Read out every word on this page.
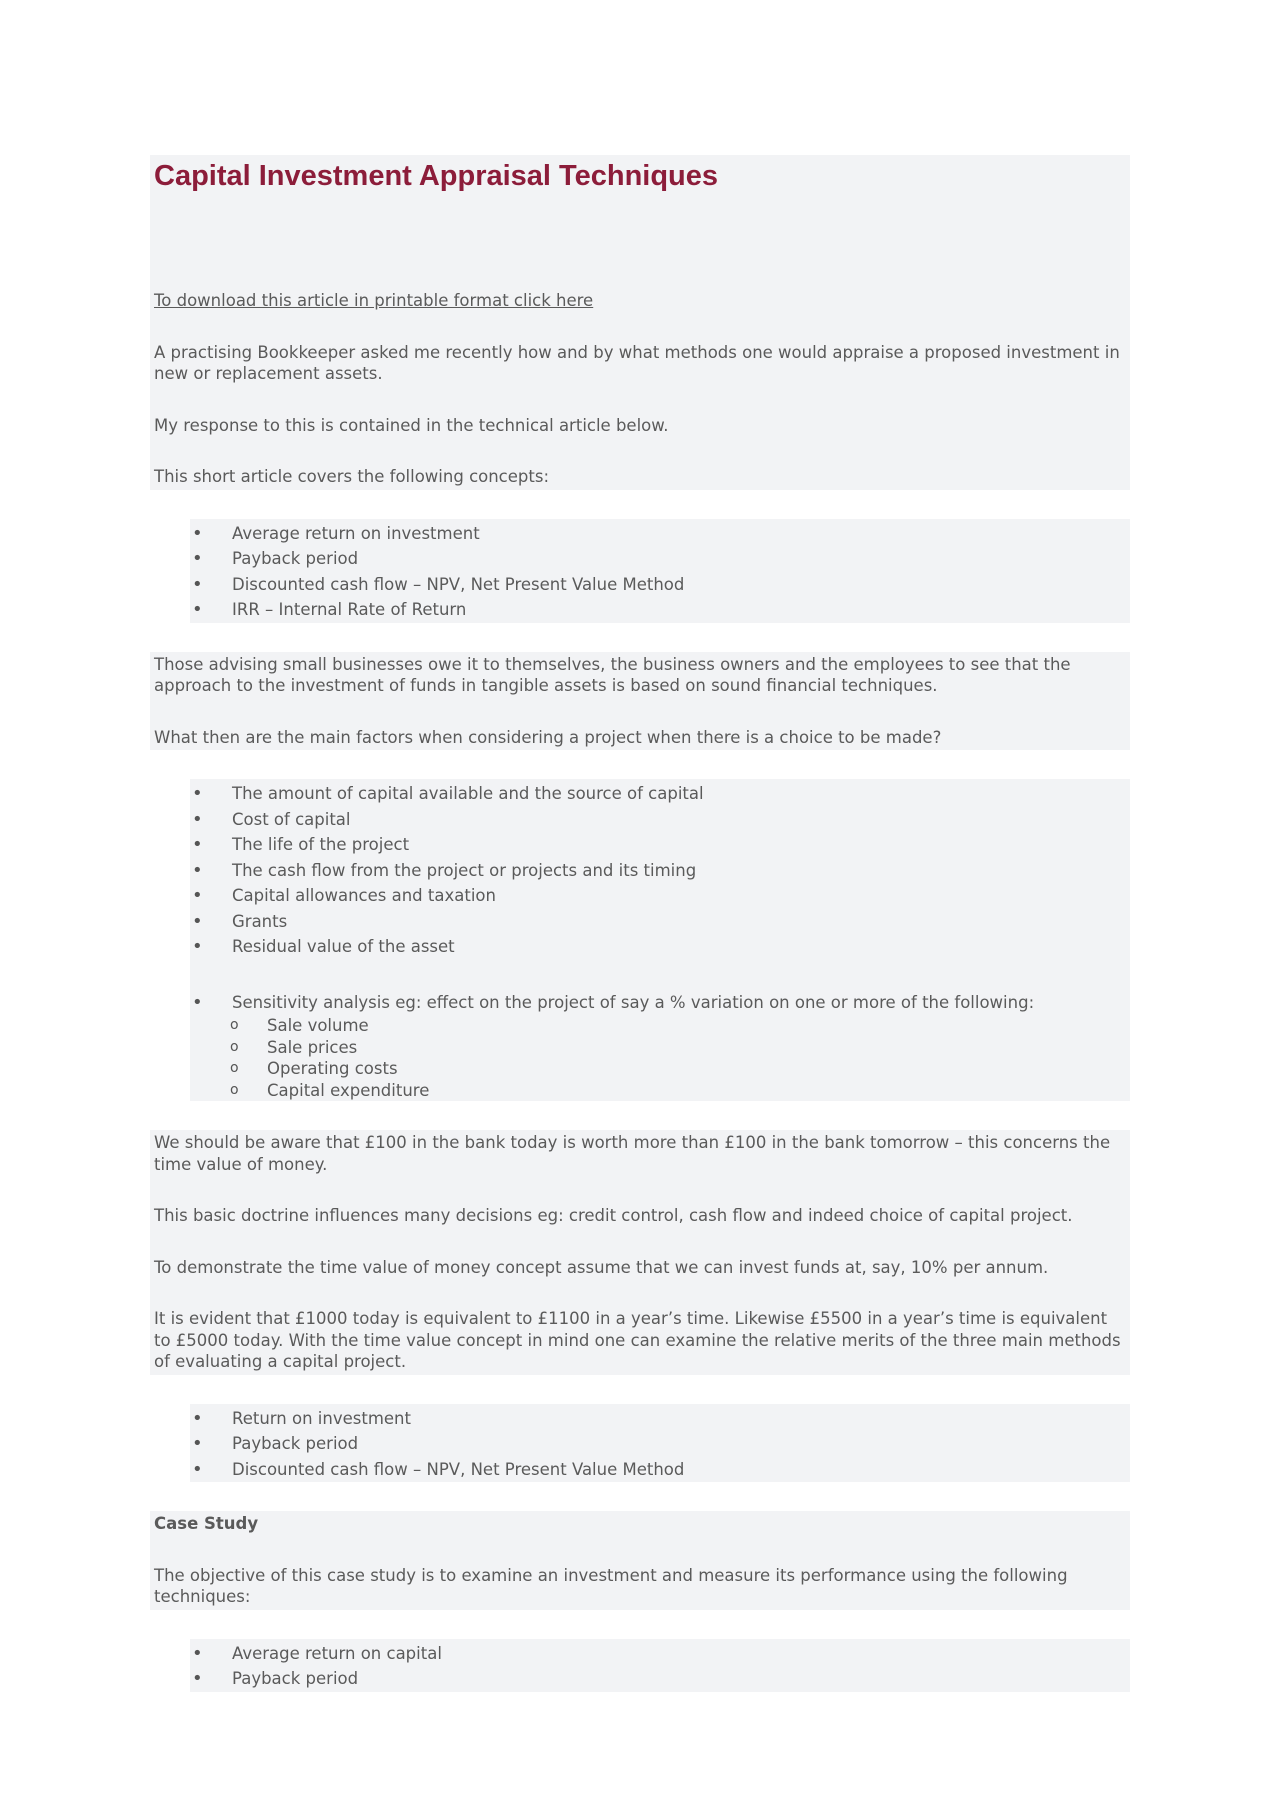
Capital Investment Appraisal Techniques

To download this article in printable format click here

A practising Bookkeeper asked me recently how and by what methods one would appraise a proposed investment in new or replacement assets.

My response to this is contained in the technical article below.

This short article covers the following concepts:

• Average return on investment
• Payback period
• Discounted cash flow – NPV, Net Present Value Method
• IRR – Internal Rate of Return

Those advising small businesses owe it to themselves, the business owners and the employees to see that the approach to the investment of funds in tangible assets is based on sound financial techniques.

What then are the main factors when considering a project when there is a choice to be made?

• The amount of capital available and the source of capital
• Cost of capital
• The life of the project
• The cash flow from the project or projects and its timing
• Capital allowances and taxation
• Grants
• Residual value of the asset
• Sensitivity analysis eg: effect on the project of say a % variation on one or more of the following:
o Sale volume
o Sale prices
o Operating costs
o Capital expenditure

We should be aware that £100 in the bank today is worth more than £100 in the bank tomorrow – this concerns the time value of money.

This basic doctrine influences many decisions eg: credit control, cash flow and indeed choice of capital project.

To demonstrate the time value of money concept assume that we can invest funds at, say, 10% per annum.

It is evident that £1000 today is equivalent to £1100 in a year’s time. Likewise £5500 in a year’s time is equivalent to £5000 today. With the time value concept in mind one can examine the relative merits of the three main methods of evaluating a capital project.

• Return on investment
• Payback period
• Discounted cash flow – NPV, Net Present Value Method

Case Study

The objective of this case study is to examine an investment and measure its performance using the following techniques:

• Average return on capital
• Payback period
